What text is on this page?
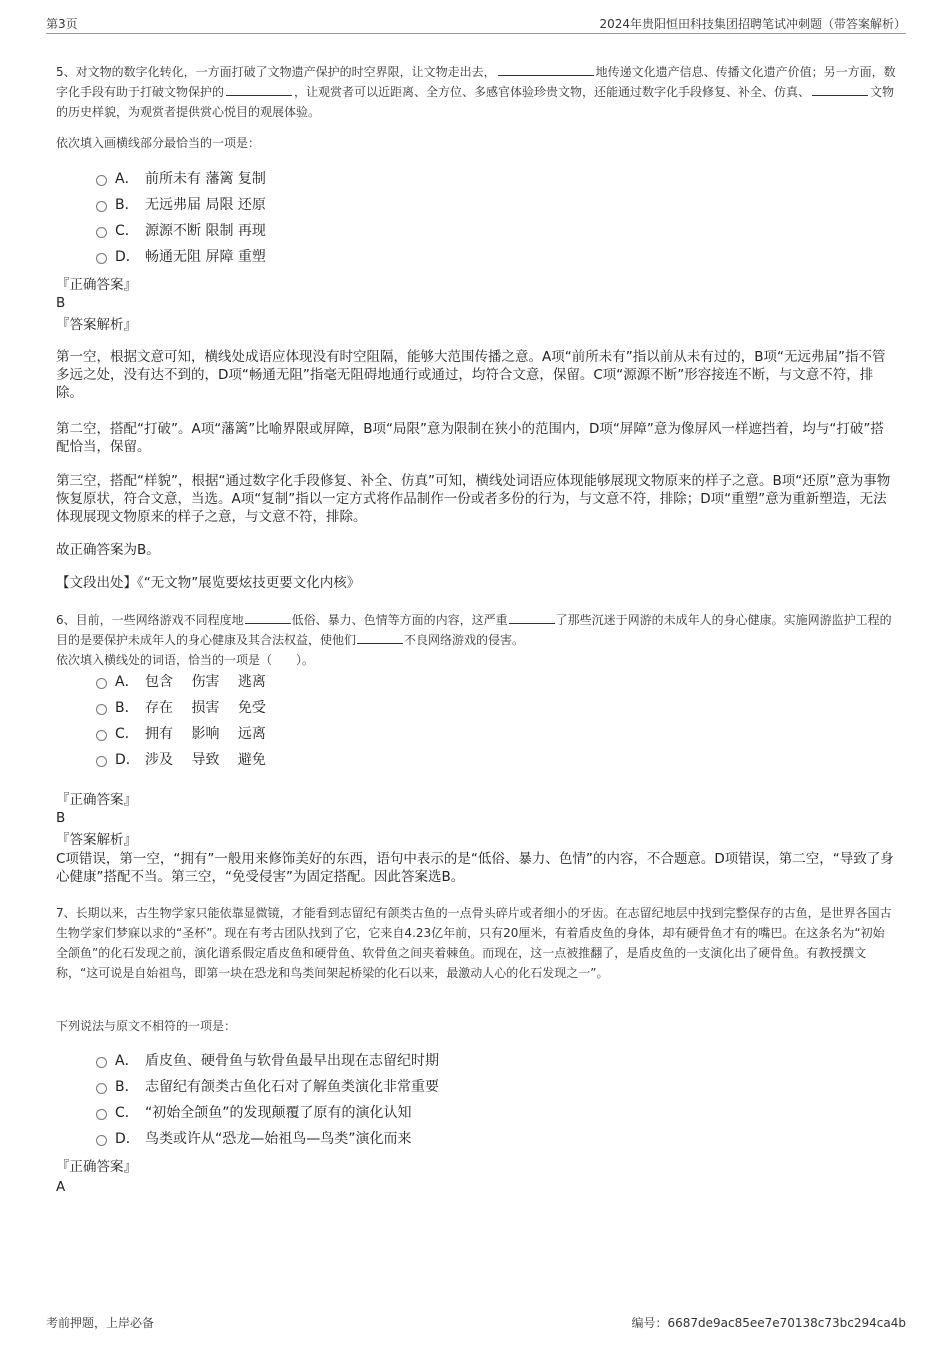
第3页	2024年贵阳恒田科技集团招聘笔试冲刺题（带答案解析）
5、对文物的数字化转化，一方面打破了文物遗产保护的时空界限，让文物走出去，	地传递文化遗产信息、传播文化遗产价值；另一方面，数字化手段有助于打破文物保护的	，让观赏者可以近距离、全方位、多感官体验珍贵文物，还能通过数字化手段修复、补全、仿真、	文物的历史样貌，为观赏者提供赏心悦目的观展体验。
依次填入画横线部分最恰当的一项是：
A． 前所未有 藩篱 复制
B． 无远弗届 局限 还原
C． 源源不断 限制 再现
D． 畅通无阻 屏障 重塑
『正确答案』
B
『答案解析』
第一空，根据文意可知，横线处成语应体现没有时空阻隔，能够大范围传播之意。A项“前所未有”指以前从未有过的，B项“无远弗届”指不管多远之处，没有达不到的，D项“畅通无阻”指毫无阻碍地通行或通过，均符合文意，保留。C项“源源不断”形容接连不断，与文意不符，排除。
第二空，搭配“打破”。A项“藩篱”比喻界限或屏障，B项“局限”意为限制在狭小的范围内，D项“屏障”意为像屏风一样遮挡着，均与“打破”搭配恰当，保留。
第三空，搭配“样貌”，根据“通过数字化手段修复、补全、仿真”可知，横线处词语应体现能够展现文物原来的样子之意。B项“还原”意为事物恢复原状，符合文意，当选。A项“复制”指以一定方式将作品制作一份或者多份的行为，与文意不符，排除；D项“重塑”意为重新塑造，无法体现展现文物原来的样子之意，与文意不符，排除。
故正确答案为B。
【文段出处】《“无文物”展览要炫技更要文化内核》
6、目前，一些网络游戏不同程度地	低俗、暴力、色情等方面的内容，这严重	了那些沉迷于网游的未成年人的身心健康。实施网游监护工程的目的是要保护未成年人的身心健康及其合法权益，使他们	不良网络游戏的侵害。
依次填入横线处的词语，恰当的一项是（　　）。
A． 包含　 伤害　 逃离
B． 存在　 损害　 免受
C． 拥有　 影响　 远离
D． 涉及　 导致　 避免
『正确答案』
B
『答案解析』
C项错误，第一空，“拥有”一般用来修饰美好的东西，语句中表示的是“低俗、暴力、色情”的内容，不合题意。D项错误，第二空，“导致了身心健康”搭配不当。第三空，“免受侵害”为固定搭配。因此答案选B。
7、长期以来，古生物学家只能依靠显微镜，才能看到志留纪有颌类古鱼的一点骨头碎片或者细小的牙齿。在志留纪地层中找到完整保存的古鱼，是世界各国古生物学家们梦寐以求的“圣杯”。现在有考古团队找到了它，它来自4.23亿年前，只有20厘米，有着盾皮鱼的身体，却有硬骨鱼才有的嘴巴。在这条名为“初始全颌鱼”的化石发现之前，演化谱系假定盾皮鱼和硬骨鱼、软骨鱼之间夹着棘鱼。而现在，这一点被推翻了，是盾皮鱼的一支演化出了硬骨鱼。有教授撰文称，“这可说是自始祖鸟，即第一块在恐龙和鸟类间架起桥梁的化石以来，最激动人心的化石发现之一”。
下列说法与原文不相符的一项是：
A． 盾皮鱼、硬骨鱼与软骨鱼最早出现在志留纪时期
B． 志留纪有颌类古鱼化石对了解鱼类演化非常重要
C． “初始全颌鱼”的发现颠覆了原有的演化认知
D． 鸟类或许从“恐龙—始祖鸟—鸟类”演化而来
『正确答案』
A
考前押题，上岸必备	编号：6687de9ac85ee7e70138c73bc294ca4b
